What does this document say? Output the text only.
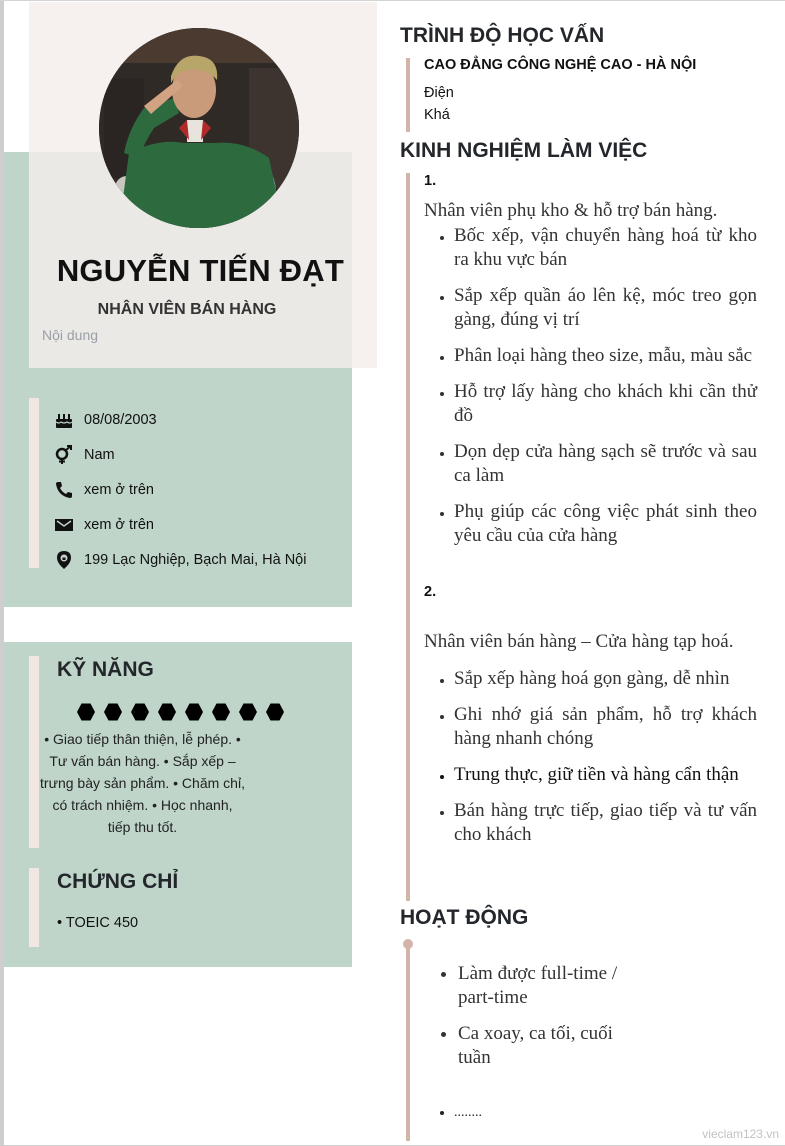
NGUYỄN TIẾN ĐẠT
NHÂN VIÊN BÁN HÀNG
Nội dung
08/08/2003
Nam
xem ở trên
xem ở trên
199 Lạc Nghiệp, Bạch Mai, Hà Nội
KỸ NĂNG
• Giao tiếp thân thiện, lễ phép. • Tư vấn bán hàng. • Sắp xếp – trưng bày sản phẩm. • Chăm chỉ, có trách nhiệm. • Học nhanh, tiếp thu tốt.
CHỨNG CHỈ
• TOEIC 450
TRÌNH ĐỘ HỌC VẤN
CAO ĐẲNG CÔNG NGHỆ CAO - HÀ NỘI
Điện
Khá
KINH NGHIỆM LÀM VIỆC
1.
Nhân viên phụ kho & hỗ trợ bán hàng.
• Bốc xếp, vận chuyển hàng hoá từ kho ra khu vực bán
• Sắp xếp quần áo lên kệ, móc treo gọn gàng, đúng vị trí
• Phân loại hàng theo size, mẫu, màu sắc
• Hỗ trợ lấy hàng cho khách khi cần thử đồ
• Dọn dẹp cửa hàng sạch sẽ trước và sau ca làm
• Phụ giúp các công việc phát sinh theo yêu cầu của cửa hàng
2.
Nhân viên bán hàng – Cửa hàng tạp hoá.
• Sắp xếp hàng hoá gọn gàng, dễ nhìn
• Ghi nhớ giá sản phẩm, hỗ trợ khách hàng nhanh chóng
• Trung thực, giữ tiền và hàng cẩn thận
• Bán hàng trực tiếp, giao tiếp và tư vấn cho khách
HOẠT ĐỘNG
• Làm được full-time / part-time
• Ca xoay, ca tối, cuối tuần
• ........
vieclam123.vn
